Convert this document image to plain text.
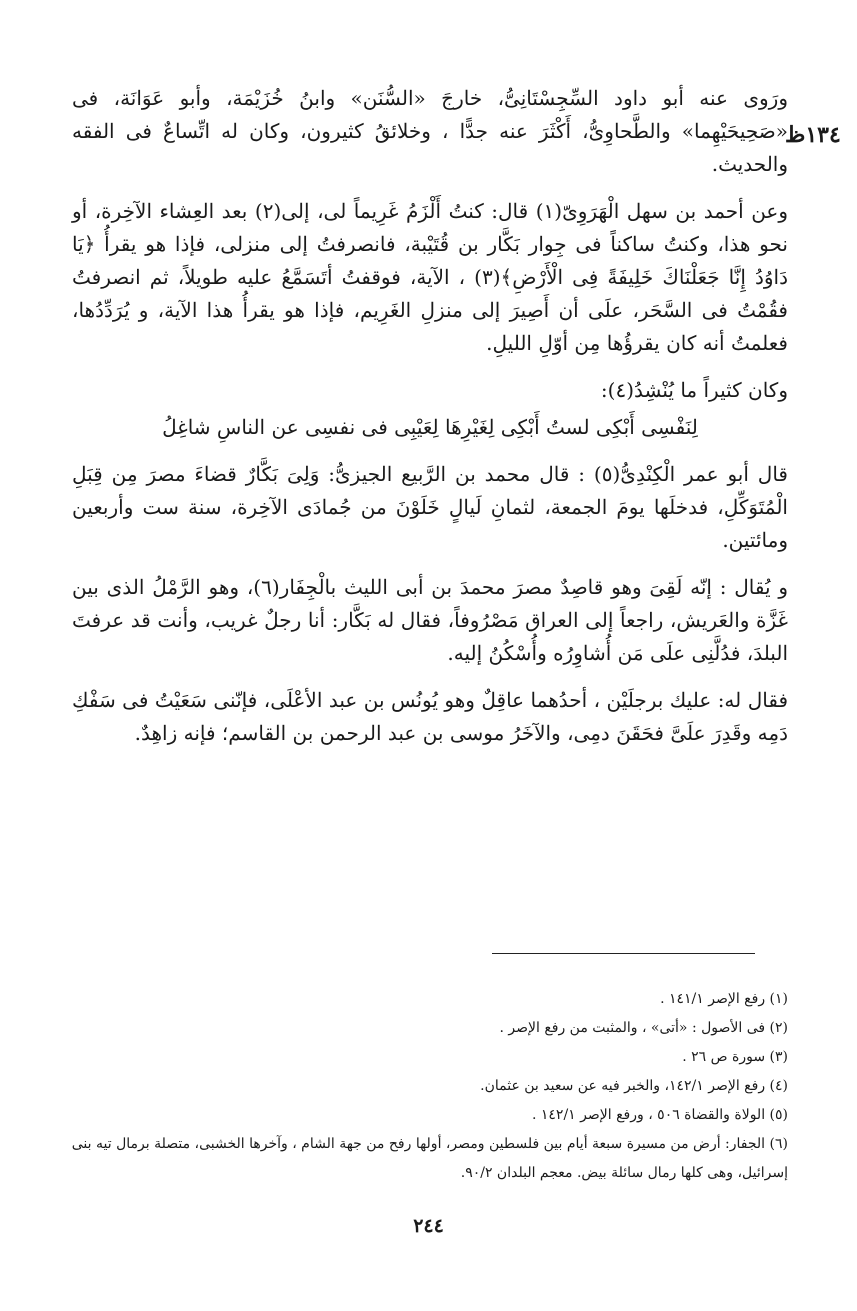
١٣٤ظ

ورَوى عنه أبو داود السِّجِسْتَانِىُّ، خارجَ «السُّنَن» وابنُ خُزَيْمَة، وأبو عَوَانَة، فى «صَحِيحَيْهِما» والطَّحاوِىُّ، أَكْثَرَ عنه جدًّا ، وخلائقُ كثيرون، وكان له اتِّساعٌ فى الفقه والحديث.

وعن أحمد بن سهل الْهَرَوِىّ(١) قال: كنتُ أَلْزَمُ غَرِيماً لى، إلى(٢) بعد العِشاء الآخِرة، أو نحو هذا، وكنتُ ساكناً فى جِوار بَكَّار بن قُتَيْبة، فانصرفتُ إلى منزلى، فإذا هو يقرأُ ﴿يَا دَاوُدُ إِنَّا جَعَلْنَاكَ خَلِيفَةً فِى الْأَرْضِ﴾(٣) ، الآية، فوقفتُ أتَسَمَّعُ عليه طويلاً، ثم انصرفتُ فقُمْتُ فى السَّحَر، علَى أن أَصِيرَ إلى منزلِ الغَرِيم، فإذا هو يقرأُ هذا الآية، و يُرَدِّدُها، فعلمتُ أنه كان يقرؤُها مِن أوّلِ الليلِ.

وكان كثيراً ما يُنْشِدُ(٤):

لِنَفْسِى أَبْكِى لستُ أَبْكِى لِغَيْرِهَا لِعَيْبِى فى نفسِى عن الناسِ شاغِلُ

قال أبو عمر الْكِنْدِىُّ(٥) : قال محمد بن الرَّبيع الجيزىُّ: وَلِىَ بَكَّارٌ قضاءَ مصرَ مِن قِبَلِ الْمُتَوَكِّلِ، فدخلَها يومَ الجمعة، لثمانِ لَيالٍ خَلَوْنَ من جُمادَى الآخِرة، سنة ست وأربعين ومائتين.

و يُقال : إنّه لَقِىَ وهو قاصِدٌ مصرَ محمدَ بن أبى الليث بالْجِفَار(٦)، وهو الرَّمْلُ الذى بين غَزَّة والعَريش، راجعاً إلى العراق مَصْرُوفاً، فقال له بَكَّار: أنا رجلٌ غريب، وأنت قد عرفتَ البلدَ، فدُلَّنِى علَى مَن أُشاوِرُه وأُسْكُنُ إليه.

فقال له: عليك برجلَيْن ، أحدُهما عاقِلٌ وهو يُونُس بن عبد الأعْلَى، فإنّنى سَعَيْتُ فى سَفْكِ دَمِه وقَدِرَ علَىَّ فحَقَنَ دمِى، والآخَرُ موسى بن عبد الرحمن بن القاسم؛ فإنه زاهِدٌ.

(١) رفع الإصر ١٤١/١ .

(٢) فى الأصول : «أتى» ، والمثبت من رفع الإصر .

(٣) سورة ص ٢٦ .

(٤) رفع الإصر ١٤٢/١، والخبر فيه عن سعيد بن عثمان.

(٥) الولاة والقضاة ٥٠٦ ، ورفع الإصر ١٤٢/١ .

(٦) الجفار: أرض من مسيرة سبعة أيام بين فلسطين ومصر، أولها رفح من جهة الشام ، وآخرها الخشبى، متصلة برمال تيه بنى إسرائيل، وهى كلها رمال سائلة بيض. معجم البلدان ٩٠/٢.

٢٤٤
